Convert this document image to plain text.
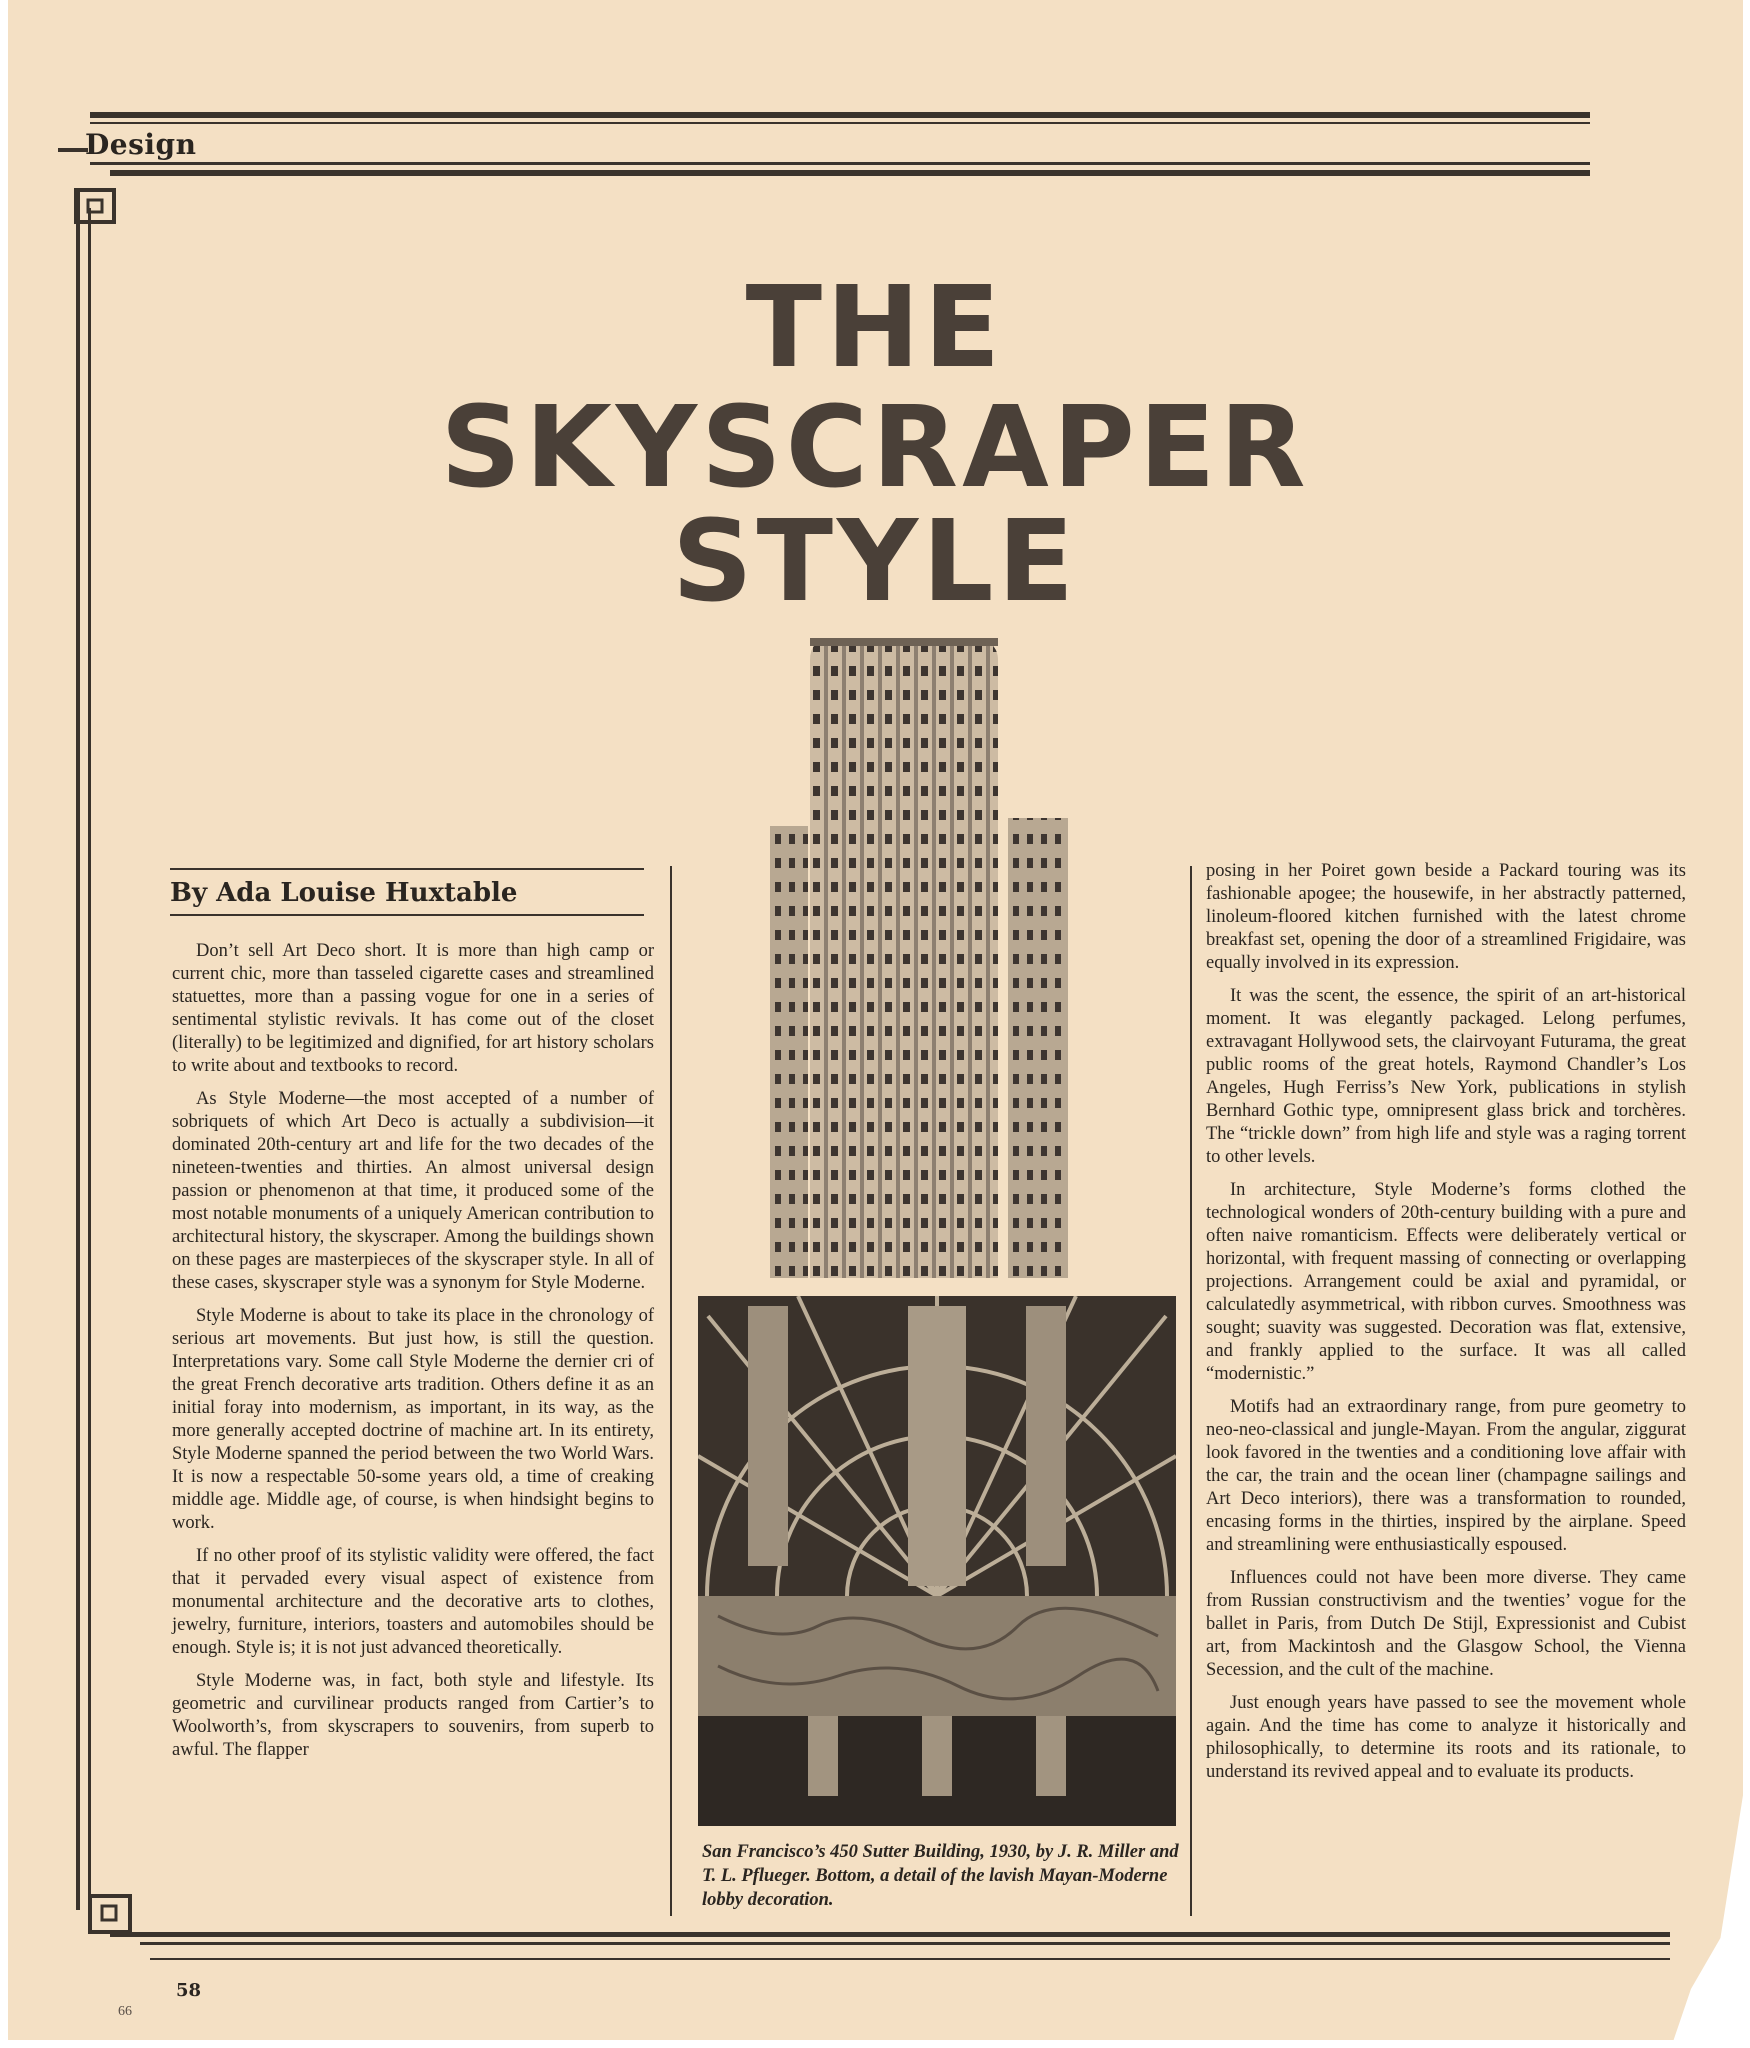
Design
THE
SKYSCRAPER
STYLE
By Ada Louise Huxtable

Don’t sell Art Deco short. It is more than high camp or current chic, more than tasseled cigarette cases and streamlined statuettes, more than a passing vogue for one in a series of sentimental stylistic revivals. It has come out of the closet (literally) to be legitimized and dignified, for art history scholars to write about and textbooks to record.

As Style Moderne—the most accepted of a number of sobriquets of which Art Deco is actually a subdivision—it dominated 20th-century art and life for the two decades of the nineteen-twenties and thirties. An almost universal design passion or phenomenon at that time, it produced some of the most notable monuments of a uniquely American contribution to architectural history, the skyscraper. Among the buildings shown on these pages are masterpieces of the skyscraper style. In all of these cases, skyscraper style was a synonym for Style Moderne.

Style Moderne is about to take its place in the chronology of serious art movements. But just how, is still the question. Interpretations vary. Some call Style Moderne the dernier cri of the great French decorative arts tradition. Others define it as an initial foray into modernism, as important, in its way, as the more generally accepted doctrine of machine art. In its entirety, Style Moderne spanned the period between the two World Wars. It is now a respectable 50-some years old, a time of creaking middle age. Middle age, of course, is when hindsight begins to work.

If no other proof of its stylistic validity were offered, the fact that it pervaded every visual aspect of existence from monumental architecture and the decorative arts to clothes, jewelry, furniture, interiors, toasters and automobiles should be enough. Style is; it is not just advanced theoretically.

Style Moderne was, in fact, both style and lifestyle. Its geometric and curvilinear products ranged from Cartier’s to Woolworth’s, from skyscrapers to souvenirs, from superb to awful. The flapper

posing in her Poiret gown beside a Packard touring was its fashionable apogee; the housewife, in her abstractly patterned, linoleum-floored kitchen furnished with the latest chrome breakfast set, opening the door of a streamlined Frigidaire, was equally involved in its expression.

It was the scent, the essence, the spirit of an art-historical moment. It was elegantly packaged. Lelong perfumes, extravagant Hollywood sets, the clairvoyant Futurama, the great public rooms of the great hotels, Raymond Chandler’s Los Angeles, Hugh Ferriss’s New York, publications in stylish Bernhard Gothic type, omnipresent glass brick and torchères. The “trickle down” from high life and style was a raging torrent to other levels.

In architecture, Style Moderne’s forms clothed the technological wonders of 20th-century building with a pure and often naive romanticism. Effects were deliberately vertical or horizontal, with frequent massing of connecting or overlapping projections. Arrangement could be axial and pyramidal, or calculatedly asymmetrical, with ribbon curves. Smoothness was sought; suavity was suggested. Decoration was flat, extensive, and frankly applied to the surface. It was all called “modernistic.”

Motifs had an extraordinary range, from pure geometry to neo-neo-classical and jungle-Mayan. From the angular, ziggurat look favored in the twenties and a conditioning love affair with the car, the train and the ocean liner (champagne sailings and Art Deco interiors), there was a transformation to rounded, encasing forms in the thirties, inspired by the airplane. Speed and streamlining were enthusiastically espoused.

Influences could not have been more diverse. They came from Russian constructivism and the twenties’ vogue for the ballet in Paris, from Dutch De Stijl, Expressionist and Cubist art, from Mackintosh and the Glasgow School, the Vienna Secession, and the cult of the machine.

Just enough years have passed to see the movement whole again. And the time has come to analyze it historically and philosophically, to determine its roots and its rationale, to understand its revived appeal and to evaluate its products.

San Francisco’s 450 Sutter Building, 1930, by J. R. Miller and T. L. Pflueger. Bottom, a detail of the lavish Mayan-Moderne lobby decoration.
58
66
